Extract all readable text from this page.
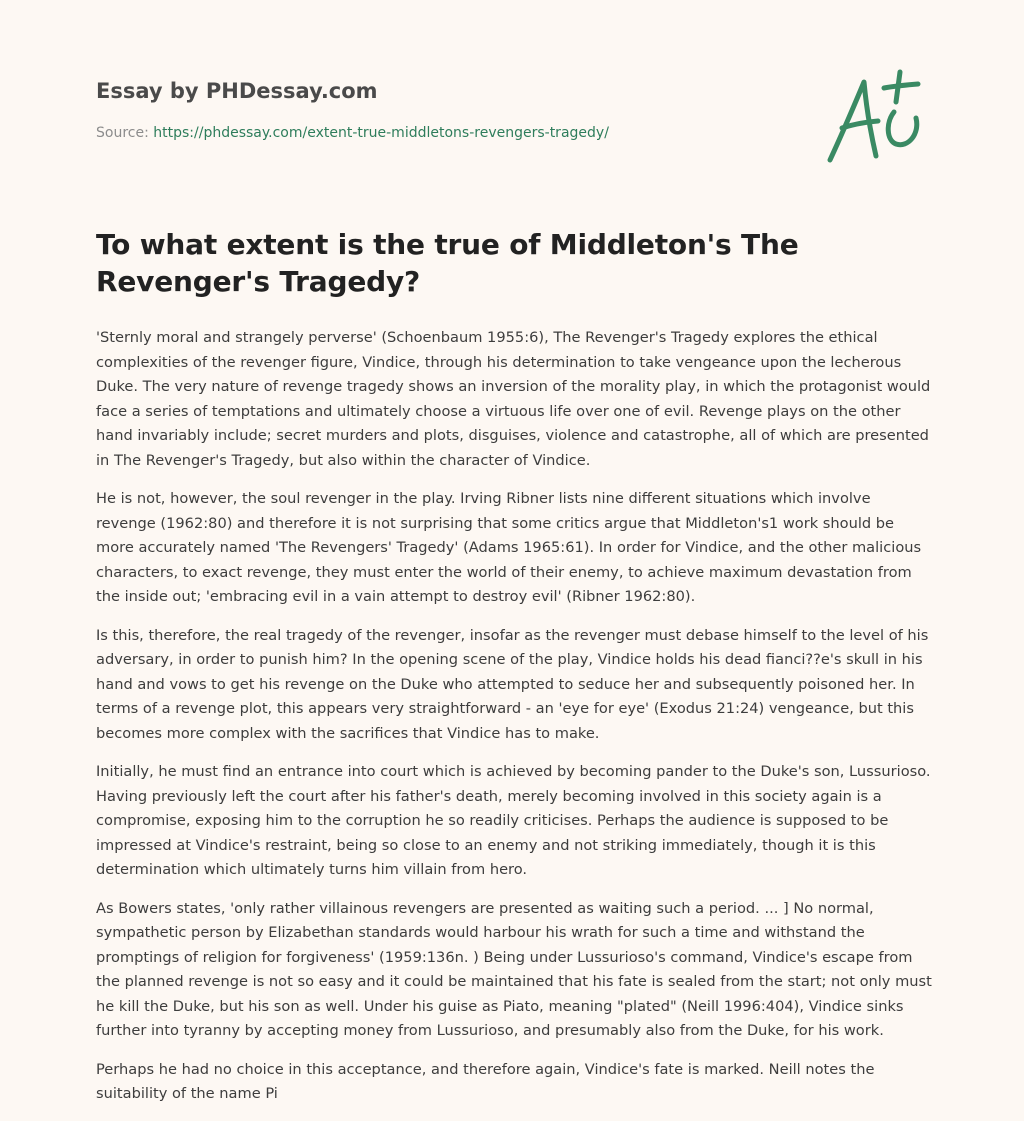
Essay by PHDessay.com
Source: https://phdessay.com/extent-true-middletons-revengers-tragedy/
To what extent is the true of Middleton's The Revenger's Tragedy?

'Sternly moral and strangely perverse' (Schoenbaum 1955:6), The Revenger's Tragedy explores the ethical complexities of the revenger figure, Vindice, through his determination to take vengeance upon the lecherous Duke. The very nature of revenge tragedy shows an inversion of the morality play, in which the protagonist would face a series of temptations and ultimately choose a virtuous life over one of evil. Revenge plays on the other hand invariably include; secret murders and plots, disguises, violence and catastrophe, all of which are presented in The Revenger's Tragedy, but also within the character of Vindice.

He is not, however, the soul revenger in the play. Irving Ribner lists nine different situations which involve revenge (1962:80) and therefore it is not surprising that some critics argue that Middleton's1 work should be more accurately named 'The Revengers' Tragedy' (Adams 1965:61). In order for Vindice, and the other malicious characters, to exact revenge, they must enter the world of their enemy, to achieve maximum devastation from the inside out; 'embracing evil in a vain attempt to destroy evil' (Ribner 1962:80).

Is this, therefore, the real tragedy of the revenger, insofar as the revenger must debase himself to the level of his adversary, in order to punish him? In the opening scene of the play, Vindice holds his dead fianci??e's skull in his hand and vows to get his revenge on the Duke who attempted to seduce her and subsequently poisoned her. In terms of a revenge plot, this appears very straightforward - an 'eye for eye' (Exodus 21:24) vengeance, but this becomes more complex with the sacrifices that Vindice has to make.

Initially, he must find an entrance into court which is achieved by becoming pander to the Duke's son, Lussurioso. Having previously left the court after his father's death, merely becoming involved in this society again is a compromise, exposing him to the corruption he so readily criticises. Perhaps the audience is supposed to be impressed at Vindice's restraint, being so close to an enemy and not striking immediately, though it is this determination which ultimately turns him villain from hero.

As Bowers states, 'only rather villainous revengers are presented as waiting such a period. ... ] No normal, sympathetic person by Elizabethan standards would harbour his wrath for such a time and withstand the promptings of religion for forgiveness' (1959:136n. ) Being under Lussurioso's command, Vindice's escape from the planned revenge is not so easy and it could be maintained that his fate is sealed from the start; not only must he kill the Duke, but his son as well. Under his guise as Piato, meaning "plated" (Neill 1996:404), Vindice sinks further into tyranny by accepting money from Lussurioso, and presumably also from the Duke, for his work.

Perhaps he had no choice in this acceptance, and therefore again, Vindice's fate is marked. Neill notes the suitability of the name Pi
